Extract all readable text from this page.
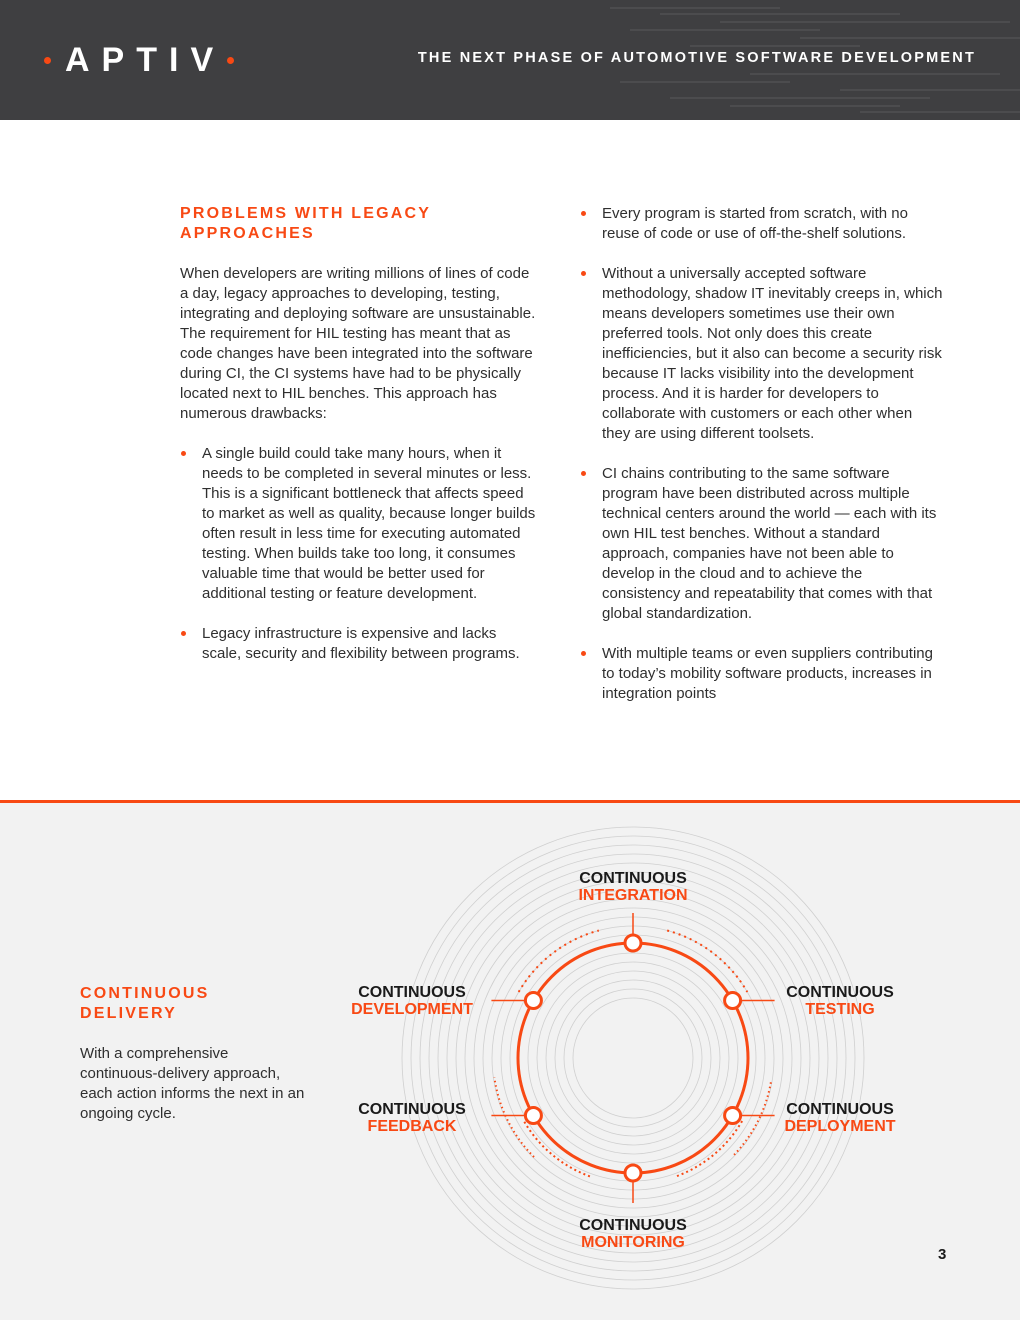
APTIV	THE NEXT PHASE OF AUTOMOTIVE SOFTWARE DEVELOPMENT
PROBLEMS WITH LEGACY APPROACHES

When developers are writing millions of lines of code a day, legacy approaches to developing, testing, integrating and deploying software are unsustainable. The requirement for HIL testing has meant that as code changes have been integrated into the software during CI, the CI systems have had to be physically located next to HIL benches. This approach has numerous drawbacks:

A single build could take many hours, when it needs to be completed in several minutes or less. This is a significant bottleneck that affects speed to market as well as quality, because longer builds often result in less time for executing automated testing. When builds take too long, it consumes valuable time that would be better used for additional testing or feature development.
Legacy infrastructure is expensive and lacks scale, security and flexibility between programs.
Every program is started from scratch, with no reuse of code or use of off-the-shelf solutions.
Without a universally accepted software methodology, shadow IT inevitably creeps in, which means developers sometimes use their own preferred tools. Not only does this create inefficiencies, but it also can become a security risk because IT lacks visibility into the development process. And it is harder for developers to collaborate with customers or each other when they are using different toolsets.
CI chains contributing to the same software program have been distributed across multiple technical centers around the world — each with its own HIL test benches. Without a standard approach, companies have not been able to develop in the cloud and to achieve the consistency and repeatability that comes with that global standardization.
With multiple teams or even suppliers contributing to today’s mobility software products, increases in integration points
CONTINUOUS
INTEGRATION
CONTINUOUS
TESTING
CONTINUOUS
DEPLOYMENT
CONTINUOUS
MONITORING
CONTINUOUS
FEEDBACK
CONTINUOUS
DEVELOPMENT
CONTINUOUS DELIVERY
With a comprehensive continuous-delivery approach, each action informs the next in an ongoing cycle.
3
